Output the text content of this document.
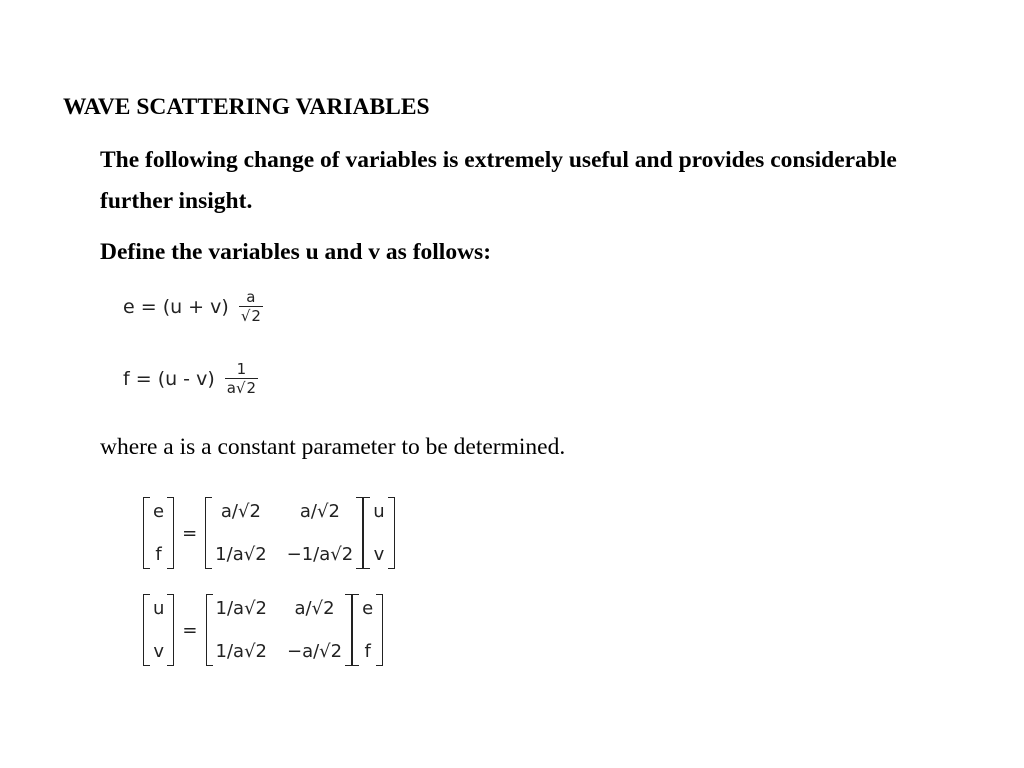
WAVE SCATTERING VARIABLES
The following change of variables is extremely useful and provides considerable further insight.
Define the variables u and v as follows:
$e = (u + v) \frac{a}{√2}$
$f = (u - v) \frac{1}{a√2}$
where a is a constant parameter to be determined.
e
f
=
a/√2	a/√2
1/a√2 −1/a√2
u
v
u
v
=
1/a√2	a/√2
1/a√2 −a/√2
e
f
